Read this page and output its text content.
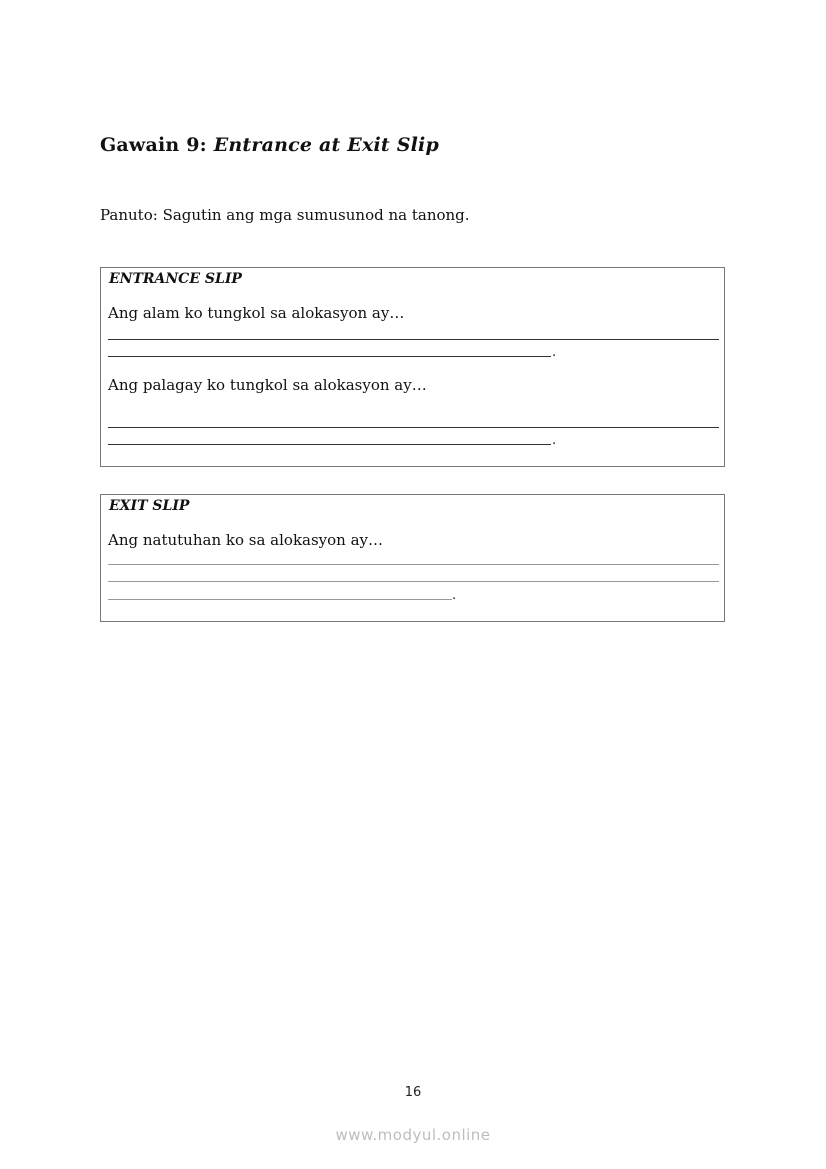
Gawain 9: Entrance at Exit Slip
Panuto: Sagutin ang mga sumusunod na tanong.
ENTRANCE SLIP
Ang alam ko tungkol sa alokasyon ay…
.
Ang palagay ko tungkol sa alokasyon ay…
.
EXIT SLIP
Ang natutuhan ko sa alokasyon ay…
.
16
www.modyul.online
